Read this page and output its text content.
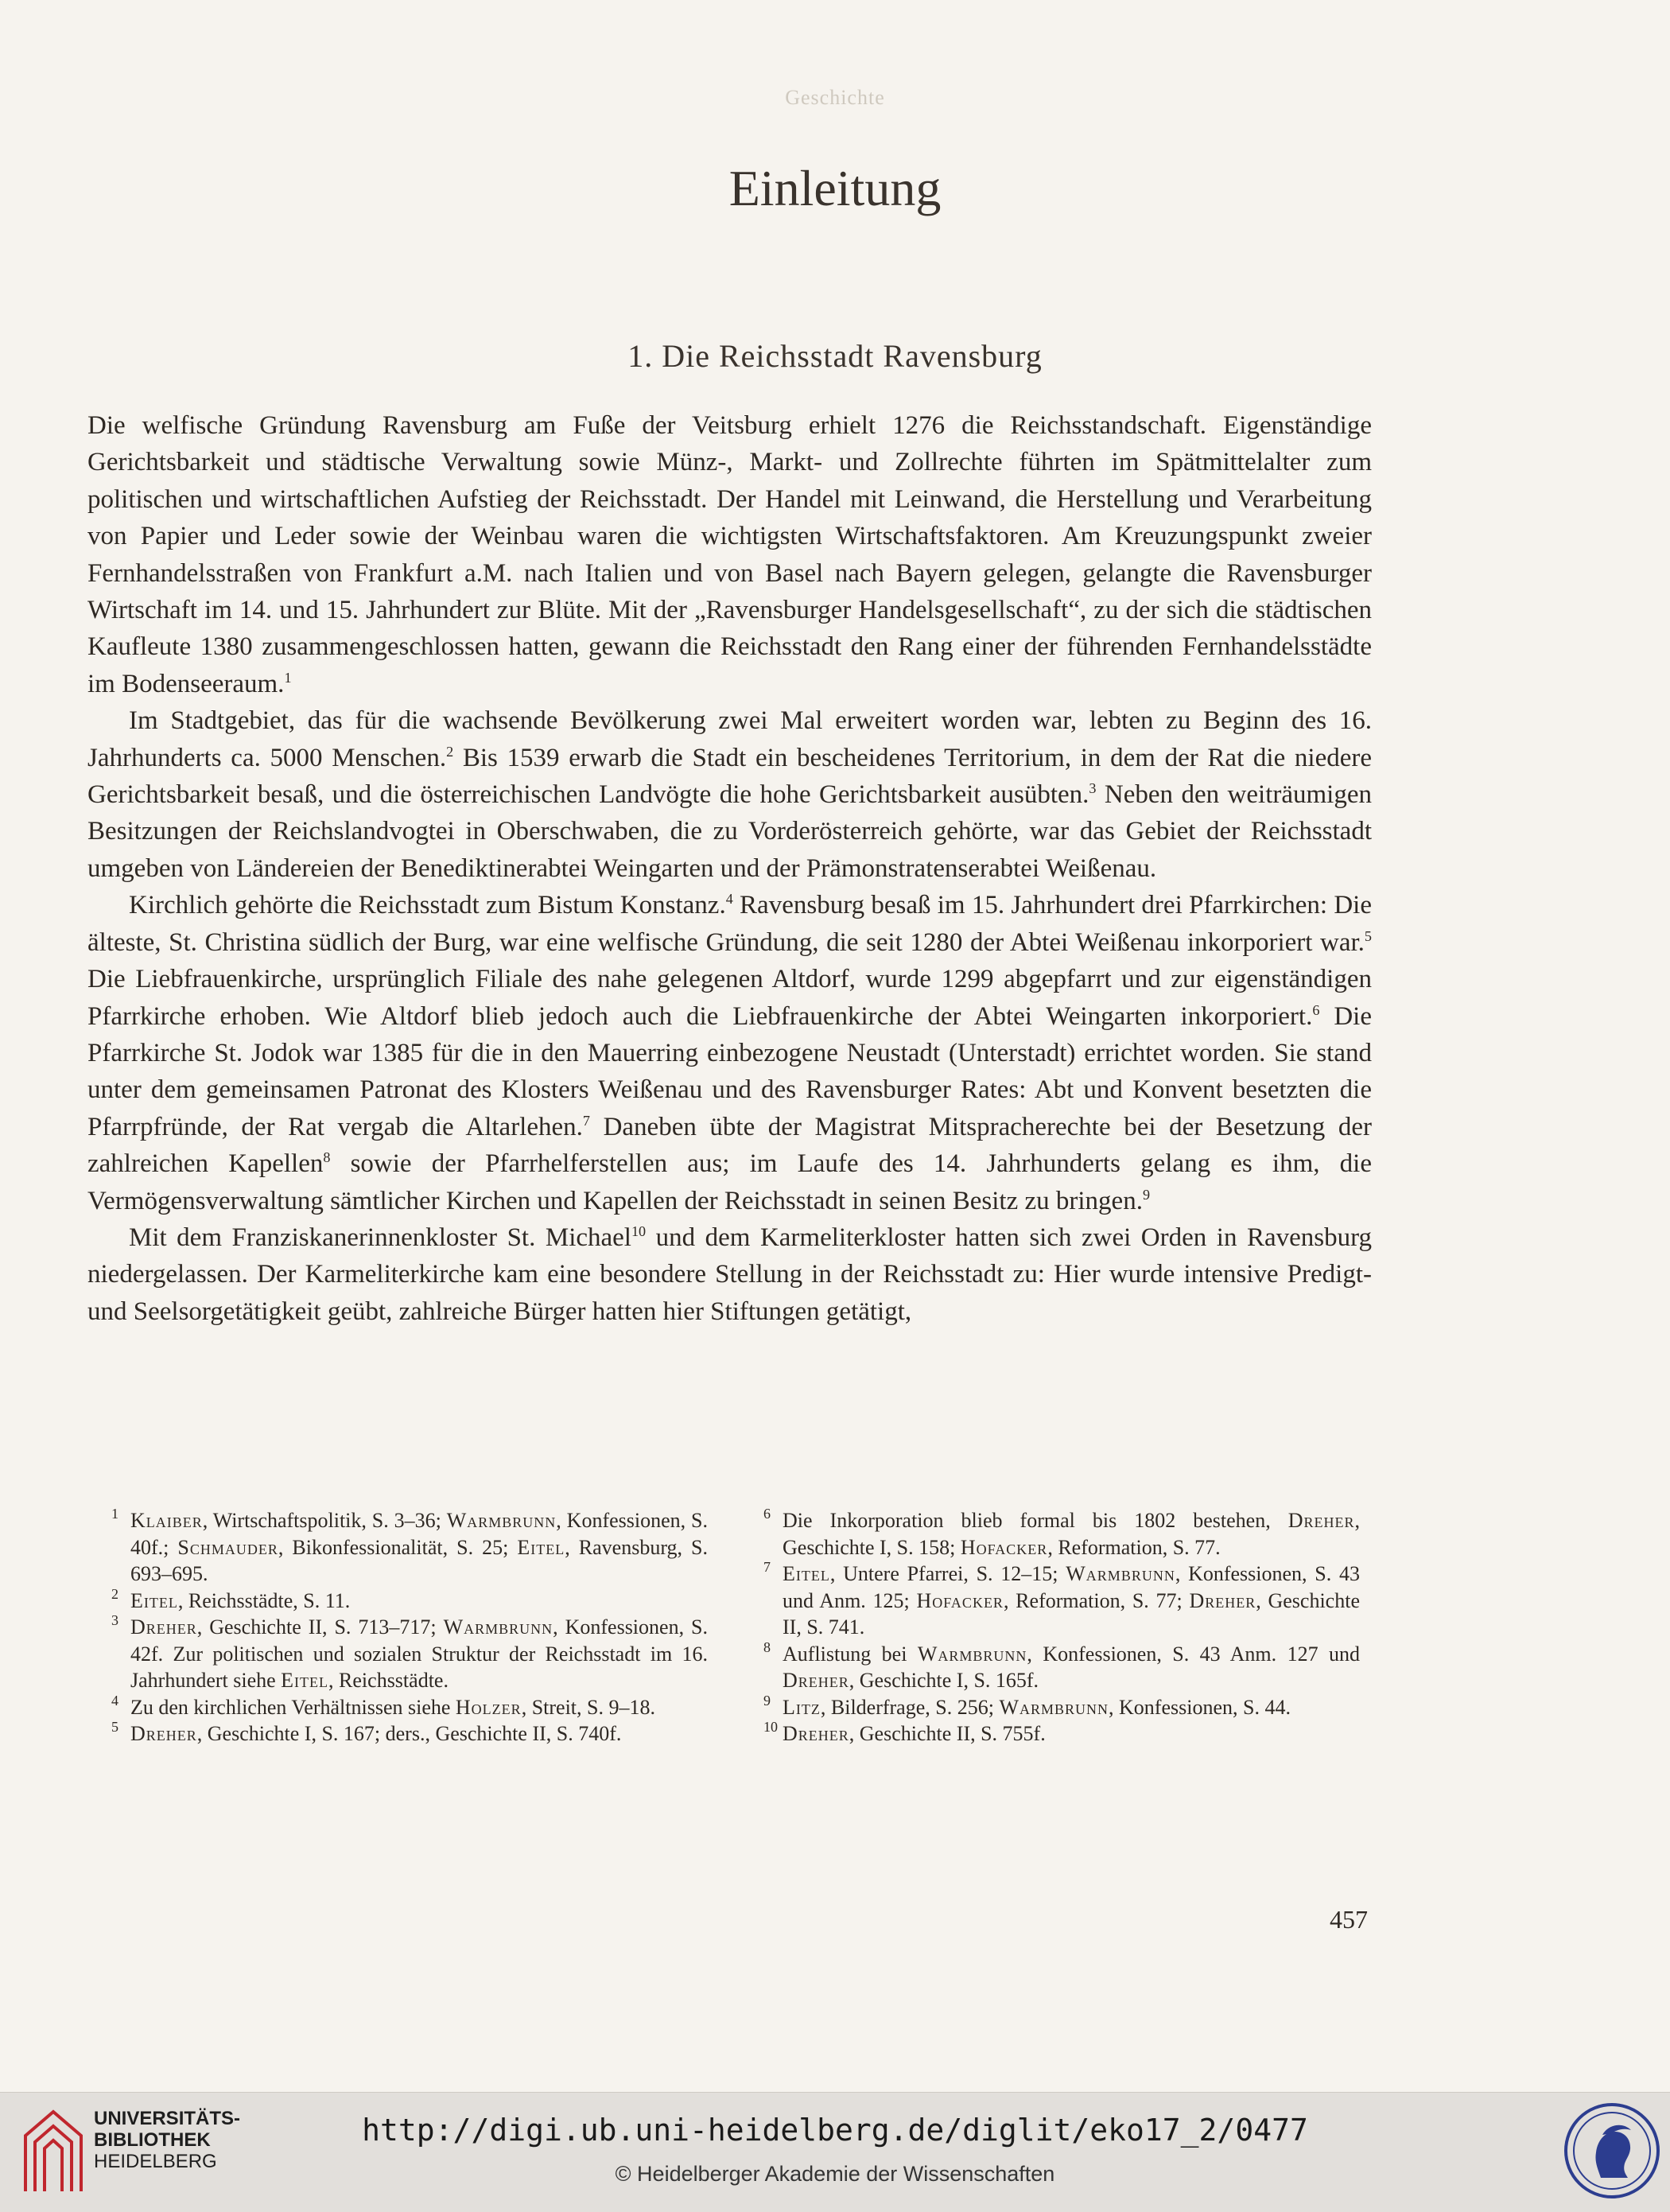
Geschichte
Einleitung
1. Die Reichsstadt Ravensburg

Die welfische Gründung Ravensburg am Fuße der Veitsburg erhielt 1276 die Reichsstandschaft. Eigenständige Gerichtsbarkeit und städtische Verwaltung sowie Münz-, Markt- und Zollrechte führten im Spätmittelalter zum politischen und wirtschaftlichen Aufstieg der Reichsstadt. Der Handel mit Leinwand, die Herstellung und Verarbeitung von Papier und Leder sowie der Weinbau waren die wichtigsten Wirtschaftsfaktoren. Am Kreuzungspunkt zweier Fernhandelsstraßen von Frankfurt a.M. nach Italien und von Basel nach Bayern gelegen, gelangte die Ravensburger Wirtschaft im 14. und 15. Jahrhundert zur Blüte. Mit der „Ravensburger Handelsgesellschaft“, zu der sich die städtischen Kaufleute 1380 zusammengeschlossen hatten, gewann die Reichsstadt den Rang einer der führenden Fernhandelsstädte im Bodenseeraum.$^1$

Im Stadtgebiet, das für die wachsende Bevölkerung zwei Mal erweitert worden war, lebten zu Beginn des 16. Jahrhunderts ca. 5000 Menschen.$^2$ Bis 1539 erwarb die Stadt ein bescheidenes Territorium, in dem der Rat die niedere Gerichtsbarkeit besaß, und die österreichischen Landvögte die hohe Gerichtsbarkeit ausübten.$^3$ Neben den weiträumigen Besitzungen der Reichslandvogtei in Oberschwaben, die zu Vorderösterreich gehörte, war das Gebiet der Reichsstadt umgeben von Ländereien der Benediktinerabtei Weingarten und der Prämonstratenserabtei Weißenau.

Kirchlich gehörte die Reichsstadt zum Bistum Konstanz.$^4$ Ravensburg besaß im 15. Jahrhundert drei Pfarrkirchen: Die älteste, St. Christina südlich der Burg, war eine welfische Gründung, die seit 1280 der Abtei Weißenau inkorporiert war.$^5$ Die Liebfrauenkirche, ursprünglich Filiale des nahe gelegenen Altdorf, wurde 1299 abgepfarrt und zur eigenständigen Pfarrkirche erhoben. Wie Altdorf blieb jedoch auch die Liebfrauenkirche der Abtei Weingarten inkorporiert.$^6$ Die Pfarrkirche St. Jodok war 1385 für die in den Mauerring einbezogene Neustadt (Unterstadt) errichtet worden. Sie stand unter dem gemeinsamen Patronat des Klosters Weißenau und des Ravensburger Rates: Abt und Konvent besetzten die Pfarrpfründe, der Rat vergab die Altarlehen.$^7$ Daneben übte der Magistrat Mitspracherechte bei der Besetzung der zahlreichen Kapellen$^8$ sowie der Pfarrhelferstellen aus; im Laufe des 14. Jahrhunderts gelang es ihm, die Vermögensverwaltung sämtlicher Kirchen und Kapellen der Reichsstadt in seinen Besitz zu bringen.$^9$

Mit dem Franziskanerinnenkloster St. Michael$^{10}$ und dem Karmeliterkloster hatten sich zwei Orden in Ravensburg niedergelassen. Der Karmeliterkirche kam eine besondere Stellung in der Reichsstadt zu: Hier wurde intensive Predigt- und Seelsorgetätigkeit geübt, zahlreiche Bürger hatten hier Stiftungen getätigt,

1 Klaiber, Wirtschaftspolitik, S. 3–36; Warmbrunn, Konfessionen, S. 40f.; Schmauder, Bikonfessionalität, S. 25; Eitel, Ravensburg, S. 693–695.
2 Eitel, Reichsstädte, S. 11.
3 Dreher, Geschichte II, S. 713–717; Warmbrunn, Konfessionen, S. 42f. Zur politischen und sozialen Struktur der Reichsstadt im 16. Jahrhundert siehe Eitel, Reichsstädte.
4 Zu den kirchlichen Verhältnissen siehe Holzer, Streit, S. 9–18.
5 Dreher, Geschichte I, S. 167; ders., Geschichte II, S. 740f.
6 Die Inkorporation blieb formal bis 1802 bestehen, Dreher, Geschichte I, S. 158; Hofacker, Reformation, S. 77.
7 Eitel, Untere Pfarrei, S. 12–15; Warmbrunn, Konfessionen, S. 43 und Anm. 125; Hofacker, Reformation, S. 77; Dreher, Geschichte II, S. 741.
8 Auflistung bei Warmbrunn, Konfessionen, S. 43 Anm. 127 und Dreher, Geschichte I, S. 165f.
9 Litz, Bilderfrage, S. 256; Warmbrunn, Konfessionen, S. 44.
10 Dreher, Geschichte II, S. 755f.
457
UNIVERSITÄTS-
BIBLIOTHEK
HEIDELBERG
http://digi.ub.uni-heidelberg.de/diglit/eko17_2/0477
© Heidelberger Akademie der Wissenschaften
